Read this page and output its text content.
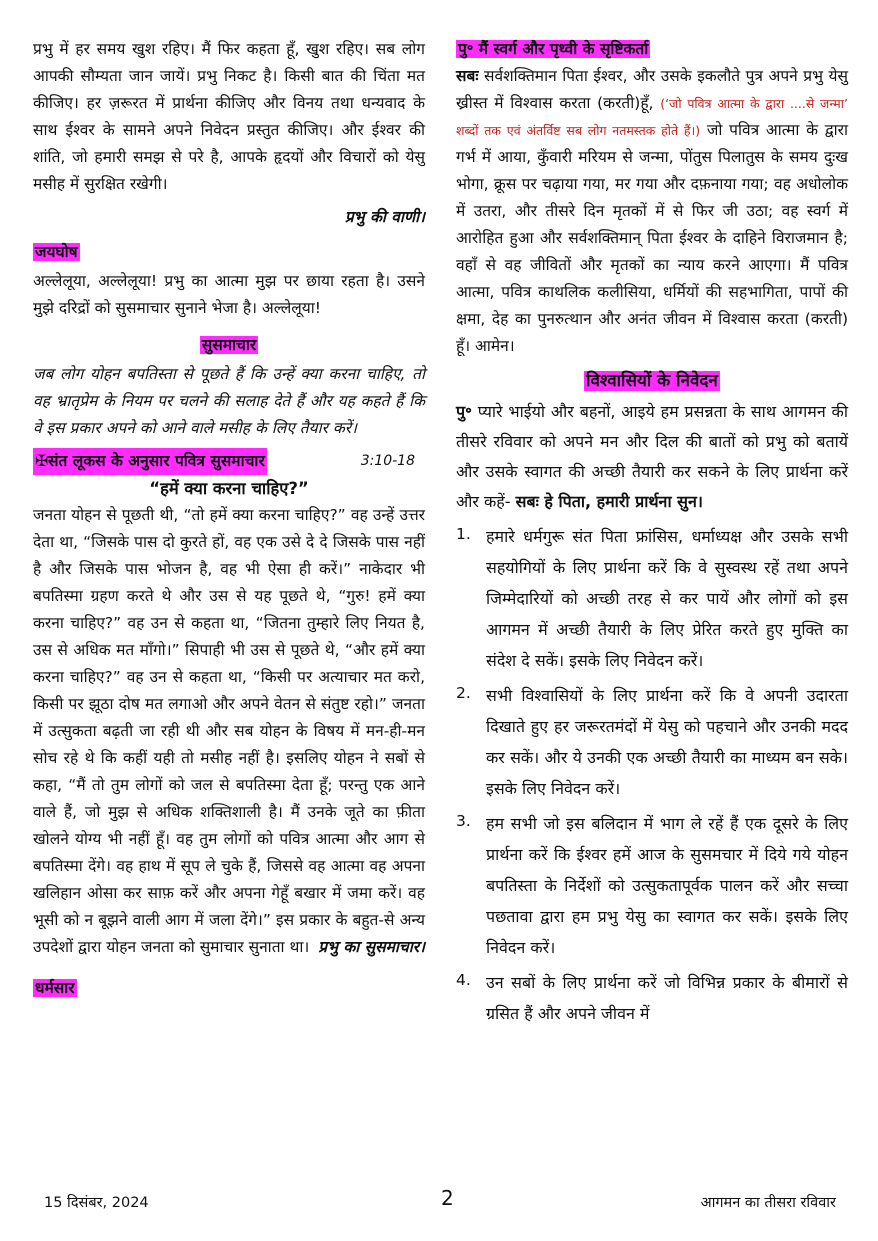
प्रभु में हर समय खुश रहिए। मैं फिर कहता हूँ, खुश रहिए। सब लोग आपकी सौम्यता जान जायें। प्रभु निकट है। किसी बात की चिंता मत कीजिए। हर ज़रूरत में प्रार्थना कीजिए और विनय तथा धन्यवाद के साथ ईश्वर के सामने अपने निवेदन प्रस्तुत कीजिए। और ईश्वर की शांति, जो हमारी समझ से परे है, आपके हृदयों और विचारों को येसु मसीह में सुरक्षित रखेगी।

प्रभु की वाणी।

जयघोष

अल्लेलूया, अल्लेलूया! प्रभु का आत्मा मुझ पर छाया रहता है। उसने मुझे दरिद्रों को सुसमाचार सुनाने भेजा है। अल्लेलूया!

सुसमाचार

जब लोग योहन बपतिस्ता से पूछते हैं कि उन्हें क्या करना चाहिए, तो वह भ्रातृप्रेम के नियम पर चलने की सलाह देते हैं और यह कहते हैं कि वे इस प्रकार अपने को आने वाले मसीह के लिए तैयार करें।

✠संत लूकस के अनुसार पवित्र सुसमाचार	3:10-18
“हमें क्या करना चाहिए?”

जनता योहन से पूछती थी, “तो हमें क्या करना चाहिए?” वह उन्हें उत्तर देता था, “जिसके पास दो कुरते हों, वह एक उसे दे दे जिसके पास नहीं है और जिसके पास भोजन है, वह भी ऐसा ही करें।” नाकेदार भी बपतिस्मा ग्रहण करते थे और उस से यह पूछते थे, “गुरु! हमें क्या करना चाहिए?” वह उन से कहता था, “जितना तुम्हारे लिए नियत है, उस से अधिक मत माँगो।” सिपाही भी उस से पूछते थे, “और हमें क्या करना चाहिए?” वह उन से कहता था, “किसी पर अत्याचार मत करो, किसी पर झूठा दोष मत लगाओ और अपने वेतन से संतुष्ट रहो।” जनता में उत्सुकता बढ़ती जा रही थी और सब योहन के विषय में मन-ही-मन सोच रहे थे कि कहीं यही तो मसीह नहीं है। इसलिए योहन ने सबों से कहा, “मैं तो तुम लोगों को जल से बपतिस्मा देता हूँ; परन्तु एक आने वाले हैं, जो मुझ से अधिक शक्तिशाली है। मैं उनके जूते का फ़ीता खोलने योग्य भी नहीं हूँ। वह तुम लोगों को पवित्र आत्मा और आग से बपतिस्मा देंगे। वह हाथ में सूप ले चुके हैं, जिससे वह आत्मा वह अपना खलिहान ओसा कर साफ़ करें और अपना गेहूँ बखार में जमा करें। वह भूसी को न बूझने वाली आग में जला देंगे।” इस प्रकार के बहुत-से अन्य उपदेशों द्वारा योहन जनता को सुमाचार सुनाता था। प्रभु का सुसमाचार।

धर्मसार
पु॰ मैं स्वर्ग और पृथ्वी के सृष्टिकर्ता

सबः सर्वशक्तिमान पिता ईश्वर, और उसके इकलौते पुत्र अपने प्रभु येसु ख्रीस्त में विश्वास करता (करती)हूँ, (‘जो पवित्र आत्मा के द्वारा ....से जन्मा’ शब्दों तक एवं अंतर्विष्ट सब लोग नतमस्तक होते हैं।) जो पवित्र आत्मा के द्वारा गर्भ में आया, कुँवारी मरियम से जन्मा, पोंतुस पिलातुस के समय दुःख भोगा, क्रूस पर चढ़ाया गया, मर गया और दफ़नाया गया; वह अधोलोक में उतरा, और तीसरे दिन मृतकों में से फिर जी उठा; वह स्वर्ग में आरोहित हुआ और सर्वशक्तिमान् पिता ईश्वर के दाहिने विराजमान है; वहाँ से वह जीवितों और मृतकों का न्याय करने आएगा। मैं पवित्र आत्मा, पवित्र काथलिक कलीसिया, धर्मियों की सहभागिता, पापों की क्षमा, देह का पुनरुत्थान और अनंत जीवन में विश्वास करता (करती) हूँ। आमेन।

विश्वासियों के निवेदन

पु॰ प्यारे भाईयो और बहनों, आइये हम प्रसन्नता के साथ आगमन की तीसरे रविवार को अपने मन और दिल की बातों को प्रभु को बतायें और उसके स्वागत की अच्छी तैयारी कर सकने के लिए प्रार्थना करें और कहें- सबः हे पिता, हमारी प्रार्थना सुन।

1. हमारे धर्मगुरू संत पिता फ्रांसिस, धर्माध्यक्ष और उसके सभी सहयोगियों के लिए प्रार्थना करें कि वे सुस्वस्थ रहें तथा अपने जिम्मेदारियों को अच्छी तरह से कर पायें और लोगों को इस आगमन में अच्छी तैयारी के लिए प्रेरित करते हुए मुक्ति का संदेश दे सकें। इसके लिए निवेदन करें।
2. सभी विश्वासियों के लिए प्रार्थना करें कि वे अपनी उदारता दिखाते हुए हर जरूरतमंदों में येसु को पहचाने और उनकी मदद कर सकें। और ये उनकी एक अच्छी तैयारी का माध्यम बन सके। इसके लिए निवेदन करें।
3. हम सभी जो इस बलिदान में भाग ले रहें हैं एक दूसरे के लिए प्रार्थना करें कि ईश्वर हमें आज के सुसमचार में दिये गये योहन बपतिस्ता के निर्देशों को उत्सुकतापूर्वक पालन करें और सच्चा पछतावा द्वारा हम प्रभु येसु का स्वागत कर सकें। इसके लिए निवेदन करें।
4. उन सबों के लिए प्रार्थना करें जो विभिन्न प्रकार के बीमारों से ग्रसित हैं और अपने जीवन में
15 दिसंबर, 2024	2	आगमन का तीसरा रविवार
